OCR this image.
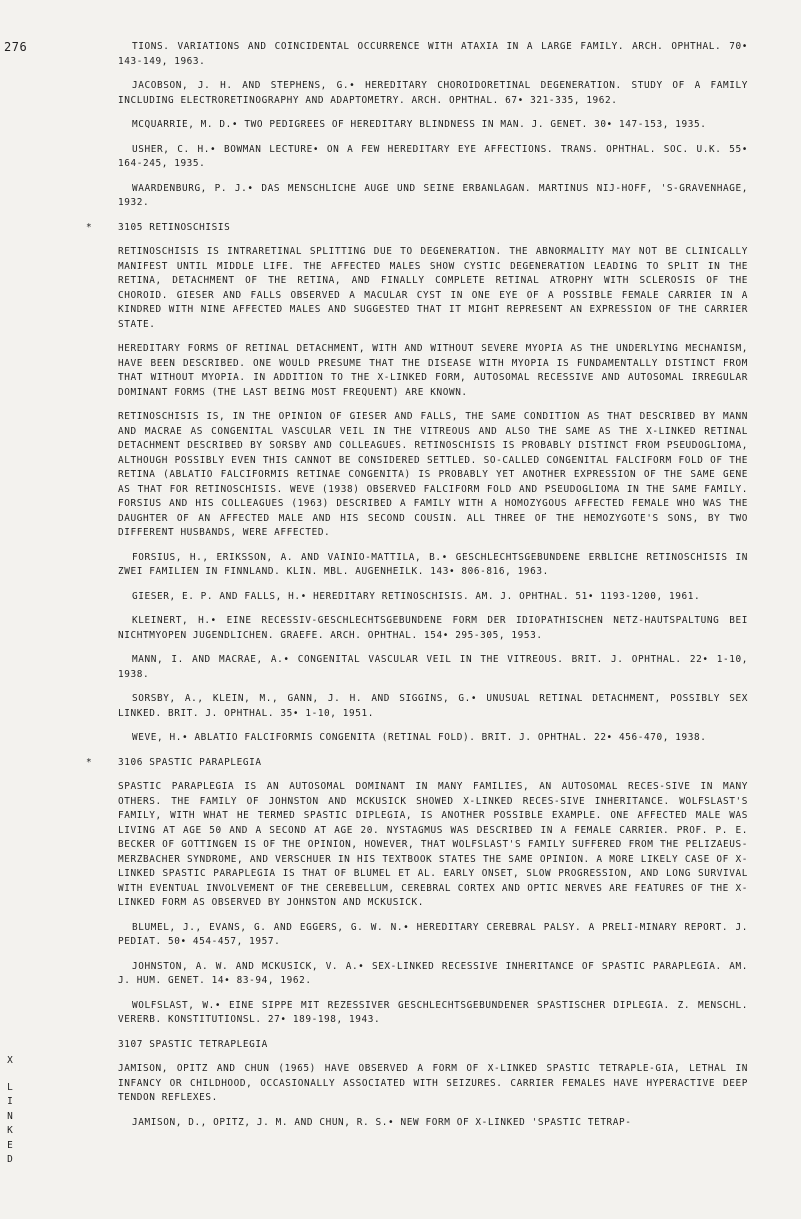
276	TIONS. VARIATIONS AND COINCIDENTAL OCCURRENCE WITH ATAXIA IN A LARGE FAMILY. ARCH. OPHTHAL. 70• 143-149, 1963.

JACOBSON, J. H. AND STEPHENS, G.• HEREDITARY CHOROIDORETINAL DEGENERATION. STUDY OF A FAMILY INCLUDING ELECTRORETINOGRAPHY AND ADAPTOMETRY. ARCH. OPHTHAL. 67• 321-335, 1962.

MCQUARRIE, M. D.• TWO PEDIGREES OF HEREDITARY BLINDNESS IN MAN. J. GENET. 30• 147-153, 1935.

USHER, C. H.• BOWMAN LECTURE• ON A FEW HEREDITARY EYE AFFECTIONS. TRANS. OPHTHAL. SOC. U.K. 55• 164-245, 1935.

WAARDENBURG, P. J.• DAS MENSCHLICHE AUGE UND SEINE ERBANLAGAN. MARTINUS NIJ-HOFF, 'S-GRAVENHAGE, 1932.

*	3105 RETINOSCHISIS

RETINOSCHISIS IS INTRARETINAL SPLITTING DUE TO DEGENERATION. THE ABNORMALITY MAY NOT BE CLINICALLY MANIFEST UNTIL MIDDLE LIFE. THE AFFECTED MALES SHOW CYSTIC DEGENERATION LEADING TO SPLIT IN THE RETINA, DETACHMENT OF THE RETINA, AND FINALLY COMPLETE RETINAL ATROPHY WITH SCLEROSIS OF THE CHOROID. GIESER AND FALLS OBSERVED A MACULAR CYST IN ONE EYE OF A POSSIBLE FEMALE CARRIER IN A KINDRED WITH NINE AFFECTED MALES AND SUGGESTED THAT IT MIGHT REPRESENT AN EXPRESSION OF THE CARRIER STATE.

HEREDITARY FORMS OF RETINAL DETACHMENT, WITH AND WITHOUT SEVERE MYOPIA AS THE UNDERLYING MECHANISM, HAVE BEEN DESCRIBED. ONE WOULD PRESUME THAT THE DISEASE WITH MYOPIA IS FUNDAMENTALLY DISTINCT FROM THAT WITHOUT MYOPIA. IN ADDITION TO THE X-LINKED FORM, AUTOSOMAL RECESSIVE AND AUTOSOMAL IRREGULAR DOMINANT FORMS (THE LAST BEING MOST FREQUENT) ARE KNOWN.

RETINOSCHISIS IS, IN THE OPINION OF GIESER AND FALLS, THE SAME CONDITION AS THAT DESCRIBED BY MANN AND MACRAE AS CONGENITAL VASCULAR VEIL IN THE VITREOUS AND ALSO THE SAME AS THE X-LINKED RETINAL DETACHMENT DESCRIBED BY SORSBY AND COLLEAGUES. RETINOSCHISIS IS PROBABLY DISTINCT FROM PSEUDOGLIOMA, ALTHOUGH POSSIBLY EVEN THIS CANNOT BE CONSIDERED SETTLED. SO-CALLED CONGENITAL FALCIFORM FOLD OF THE RETINA (ABLATIO FALCIFORMIS RETINAE CONGENITA) IS PROBABLY YET ANOTHER EXPRESSION OF THE SAME GENE AS THAT FOR RETINOSCHISIS. WEVE (1938) OBSERVED FALCIFORM FOLD AND PSEUDOGLIOMA IN THE SAME FAMILY. FORSIUS AND HIS COLLEAGUES (1963) DESCRIBED A FAMILY WITH A HOMOZYGOUS AFFECTED FEMALE WHO WAS THE DAUGHTER OF AN AFFECTED MALE AND HIS SECOND COUSIN. ALL THREE OF THE HEMOZYGOTE'S SONS, BY TWO DIFFERENT HUSBANDS, WERE AFFECTED.

FORSIUS, H., ERIKSSON, A. AND VAINIO-MATTILA, B.• GESCHLECHTSGEBUNDENE ERBLICHE RETINOSCHISIS IN ZWEI FAMILIEN IN FINNLAND. KLIN. MBL. AUGENHEILK. 143• 806-816, 1963.

GIESER, E. P. AND FALLS, H.• HEREDITARY RETINOSCHISIS. AM. J. OPHTHAL. 51• 1193-1200, 1961.

KLEINERT, H.• EINE RECESSIV-GESCHLECHTSGEBUNDENE FORM DER IDIOPATHISCHEN NETZ-HAUTSPALTUNG BEI NICHTMYOPEN JUGENDLICHEN. GRAEFE. ARCH. OPHTHAL. 154• 295-305, 1953.

MANN, I. AND MACRAE, A.• CONGENITAL VASCULAR VEIL IN THE VITREOUS. BRIT. J. OPHTHAL. 22• 1-10, 1938.

SORSBY, A., KLEIN, M., GANN, J. H. AND SIGGINS, G.• UNUSUAL RETINAL DETACHMENT, POSSIBLY SEX LINKED. BRIT. J. OPHTHAL. 35• 1-10, 1951.

WEVE, H.• ABLATIO FALCIFORMIS CONGENITA (RETINAL FOLD). BRIT. J. OPHTHAL. 22• 456-470, 1938.

*	3106 SPASTIC PARAPLEGIA

SPASTIC PARAPLEGIA IS AN AUTOSOMAL DOMINANT IN MANY FAMILIES, AN AUTOSOMAL RECES-SIVE IN MANY OTHERS. THE FAMILY OF JOHNSTON AND MCKUSICK SHOWED X-LINKED RECES-SIVE INHERITANCE. WOLFSLAST'S FAMILY, WITH WHAT HE TERMED SPASTIC DIPLEGIA, IS ANOTHER POSSIBLE EXAMPLE. ONE AFFECTED MALE WAS LIVING AT AGE 50 AND A SECOND AT AGE 20. NYSTAGMUS WAS DESCRIBED IN A FEMALE CARRIER. PROF. P. E. BECKER OF GOTTINGEN IS OF THE OPINION, HOWEVER, THAT WOLFSLAST'S FAMILY SUFFERED FROM THE PELIZAEUS-MERZBACHER SYNDROME, AND VERSCHUER IN HIS TEXTBOOK STATES THE SAME OPINION. A MORE LIKELY CASE OF X-LINKED SPASTIC PARAPLEGIA IS THAT OF BLUMEL ET AL. EARLY ONSET, SLOW PROGRESSION, AND LONG SURVIVAL WITH EVENTUAL INVOLVEMENT OF THE CEREBELLUM, CEREBRAL CORTEX AND OPTIC NERVES ARE FEATURES OF THE X-LINKED FORM AS OBSERVED BY JOHNSTON AND MCKUSICK.

BLUMEL, J., EVANS, G. AND EGGERS, G. W. N.• HEREDITARY CEREBRAL PALSY. A PRELI-MINARY REPORT. J. PEDIAT. 50• 454-457, 1957.

JOHNSTON, A. W. AND MCKUSICK, V. A.• SEX-LINKED RECESSIVE INHERITANCE OF SPASTIC PARAPLEGIA. AM. J. HUM. GENET. 14• 83-94, 1962.

WOLFSLAST, W.• EINE SIPPE MIT REZESSIVER GESCHLECHTSGEBUNDENER SPASTISCHER DIPLEGIA. Z. MENSCHL. VERERB. KONSTITUTIONSL. 27• 189-198, 1943.

3107 SPASTIC TETRAPLEGIA

JAMISON, OPITZ AND CHUN (1965) HAVE OBSERVED A FORM OF X-LINKED SPASTIC TETRAPLE-GIA, LETHAL IN INFANCY OR CHILDHOOD, OCCASIONALLY ASSOCIATED WITH SEIZURES. CARRIER FEMALES HAVE HYPERACTIVE DEEP TENDON REFLEXES.

JAMISON, D., OPITZ, J. M. AND CHUN, R. S.• NEW FORM OF X-LINKED 'SPASTIC TETRAP-

X
L
I
N
K
E
D
